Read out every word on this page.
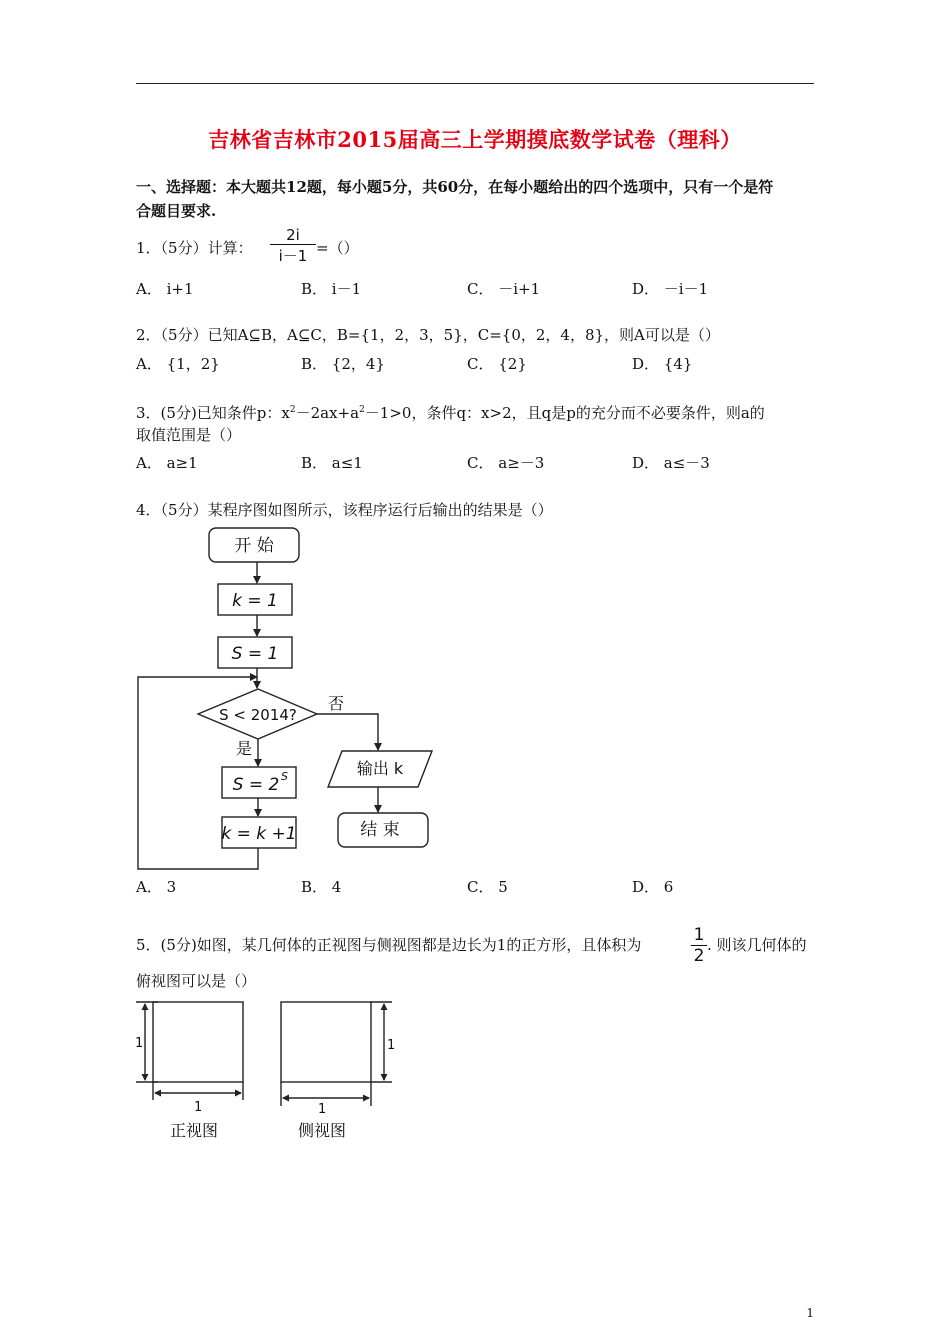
吉林省吉林市2015届高三上学期摸底数学试卷（理科）
一、选择题：本大题共12题，每小题5分，共60分，在每小题给出的四个选项中，只有一个是符
合题目要求.
1．（5分）计算： $\frac{2i}{i-1}$ =（）
A． i+1	B． i－1	C． －i+1	D． －i－1
2．（5分）已知A⊆B，A⊆C，B={1，2，3，5}，C={0，2，4，8}，则A可以是（）
A． {1，2}	B． {2，4}	C． {2}	D． {4}
3．(5分)已知条件p：$x^2-2ax+a^2-1>0$，条件q：x>2，且q是p的充分而不必要条件，则a的
取值范围是（）
A． a≥1	B． a≤1	C． a≥－3	D． a≤－3
4．（5分）某程序图如图所示，该程序运行后输出的结果是（）
开 始
k = 1
S = 1
S < 2014?
否
是
S = 2 S
k = k +1
输出 k
结 束
A． 3	B． 4	C． 5	D． 6
5．(5分)如图，某几何体的正视图与侧视图都是边长为1的正方形，且体积为	$\frac{1}{2}$ . 则该几何体的
俯视图可以是（）
1
1
1
1
正视图	侧视图
1
